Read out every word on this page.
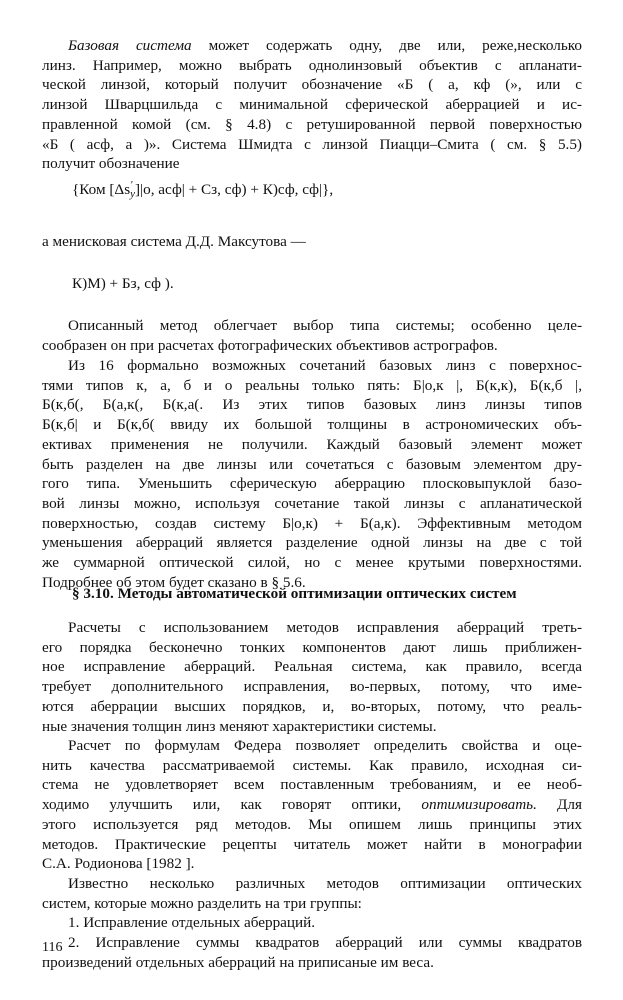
Базовая система может содержать одну, две или, реже,несколько
линз. Например, можно выбрать однолинзовый объектив с апланати-
ческой линзой, который получит обозначение «Б ( а, кф (», или с
линзой Шварцшильда с минимальной сферической аберрацией и ис-
правленной комой (см. § 4.8) с ретушированной первой поверхностью
«Б ( асф, а )». Система Шмидта с линзой Пиацци–Смита ( см. § 5.5)
получит обозначение

{Ком [Δs ′
y ]|о, асф| + Сз, сф) + К)сф, сф|},

а менисковая система Д.Д. Максутова —

К)М) + Бз, сф ).

Описанный метод облегчает выбор типа системы; особенно целе-
сообразен он при расчетах фотографических объективов астрографов.

Из 16 формально возможных сочетаний базовых линз с поверхнос-
тями типов к, а, б и о реальны только пять: Б|о,к |, Б(к,к), Б(к,б |,
Б(к,б(, Б(а,к(, Б(к,а(. Из этих типов базовых линз линзы типов
Б(к,б| и Б(к,б( ввиду их большой толщины в астрономических объ-
ективах применения не получили. Каждый базовый элемент может
быть разделен на две линзы или сочетаться с базовым элементом дру-
гого типа. Уменьшить сферическую аберрацию плосковыпуклой базо-
вой линзы можно, используя сочетание такой линзы с апланатической
поверхностью, создав систему Б|о,к) + Б(а,к). Эффективным методом
уменьшения аберраций является разделение одной линзы на две с той
же суммарной оптической силой, но с менее крутыми поверхностями.
Подробнее об этом будет сказано в § 5.6.

§ 3.10. Методы автоматической оптимизации оптических систем

Расчеты с использованием методов исправления аберраций треть-
его порядка бесконечно тонких компонентов дают лишь приближен-
ное исправление аберраций. Реальная система, как правило, всегда
требует дополнительного исправления, во-первых, потому, что име-
ются аберрации высших порядков, и, во-вторых, потому, что реаль-
ные значения толщин линз меняют характеристики системы.

Расчет по формулам Федера позволяет определить свойства и оце-
нить качества рассматриваемой системы. Как правило, исходная си-
стема не удовлетворяет всем поставленным требованиям, и ее необ-
ходимо улучшить или, как говорят оптики, оптимизировать. Для
этого используется ряд методов. Мы опишем лишь принципы этих
методов. Практические рецепты читатель может найти в монографии
С.А. Родионова [1982 ].

Известно несколько различных методов оптимизации оптических
систем, которые можно разделить на три группы:
1. Исправление отдельных аберраций.
2. Исправление суммы квадратов аберраций или суммы квадратов
произведений отдельных аберраций на приписаные им веса.

116
